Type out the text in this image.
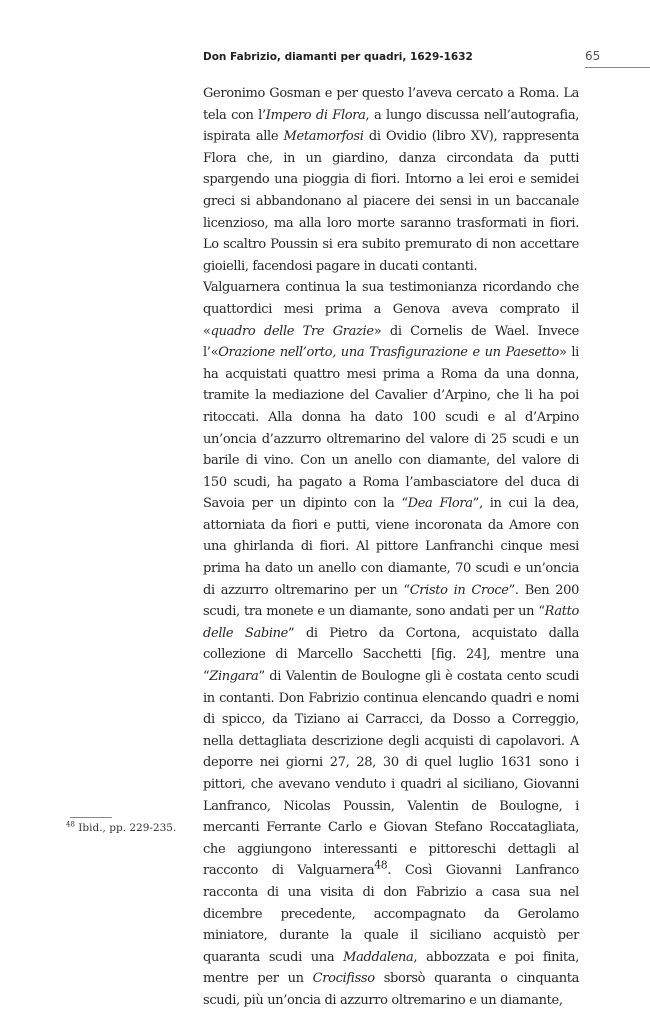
Don Fabrizio, diamanti per quadri, 1629-1632	65

Geronimo Gosman e per questo l’aveva cercato a Roma. La tela con l’Impero di Flora, a lungo discussa nell’autografia, ispirata alle Metamorfosi di Ovidio (libro XV), rappresenta Flora che, in un giardino, danza circondata da putti spargendo una pioggia di fiori. Intorno a lei eroi e semidei greci si abbandonano al piacere dei sensi in un baccanale licenzioso, ma alla loro morte saranno trasformati in fiori. Lo scaltro Poussin si era subito premurato di non accettare gioielli, facendosi pagare in ducati contanti.

Valguarnera continua la sua testimonianza ricordando che quattordici mesi prima a Genova aveva comprato il «quadro delle Tre Grazie» di Cornelis de Wael. Invece l’«Orazione nell’orto, una Trasfigurazione e un Paesetto» li ha acquistati quattro mesi prima a Roma da una donna, tramite la mediazione del Cavalier d’Arpino, che li ha poi ritoccati. Alla donna ha dato 100 scudi e al d’Arpino un’oncia d’azzurro oltremarino del valore di 25 scudi e un barile di vino. Con un anello con diamante, del valore di 150 scudi, ha pagato a Roma l’ambasciatore del duca di Savoia per un dipinto con la “Dea Flora”, in cui la dea, attorniata da fiori e putti, viene incoronata da Amore con una ghirlanda di fiori. Al pittore Lanfranchi cinque mesi prima ha dato un anello con diamante, 70 scudi e un’oncia di azzurro oltremarino per un “Cristo in Croce”. Ben 200 scudi, tra monete e un diamante, sono andati per un “Ratto delle Sabine” di Pietro da Cortona, acquistato dalla collezione di Marcello Sacchetti [fig. 24], mentre una “Zingara” di Valentin de Boulogne gli è costata cento scudi in contanti. Don Fabrizio continua elencando quadri e nomi di spicco, da Tiziano ai Carracci, da Dosso a Correggio, nella dettagliata descrizione degli acquisti di capolavori. A deporre nei giorni 27, 28, 30 di quel luglio 1631 sono i pittori, che avevano venduto i quadri al siciliano, Giovanni Lanfranco, Nicolas Poussin, Valentin de Boulogne, i mercanti Ferrante Carlo e Giovan Stefano Roccatagliata, che aggiungono interessanti e pittoreschi dettagli al racconto di Valguarnera$^{48}$. Così Giovanni Lanfranco racconta di una visita di don Fabrizio a casa sua nel dicembre precedente, accompagnato da Gerolamo miniatore, durante la quale il siciliano acquistò per quaranta scudi una Maddalena, abbozzata e poi finita, mentre per un Crocifisso sborsò quaranta o cinquanta scudi, più un’oncia di azzurro oltremarino e un diamante,

$^{48}$ Ibid., pp. 229-235.
